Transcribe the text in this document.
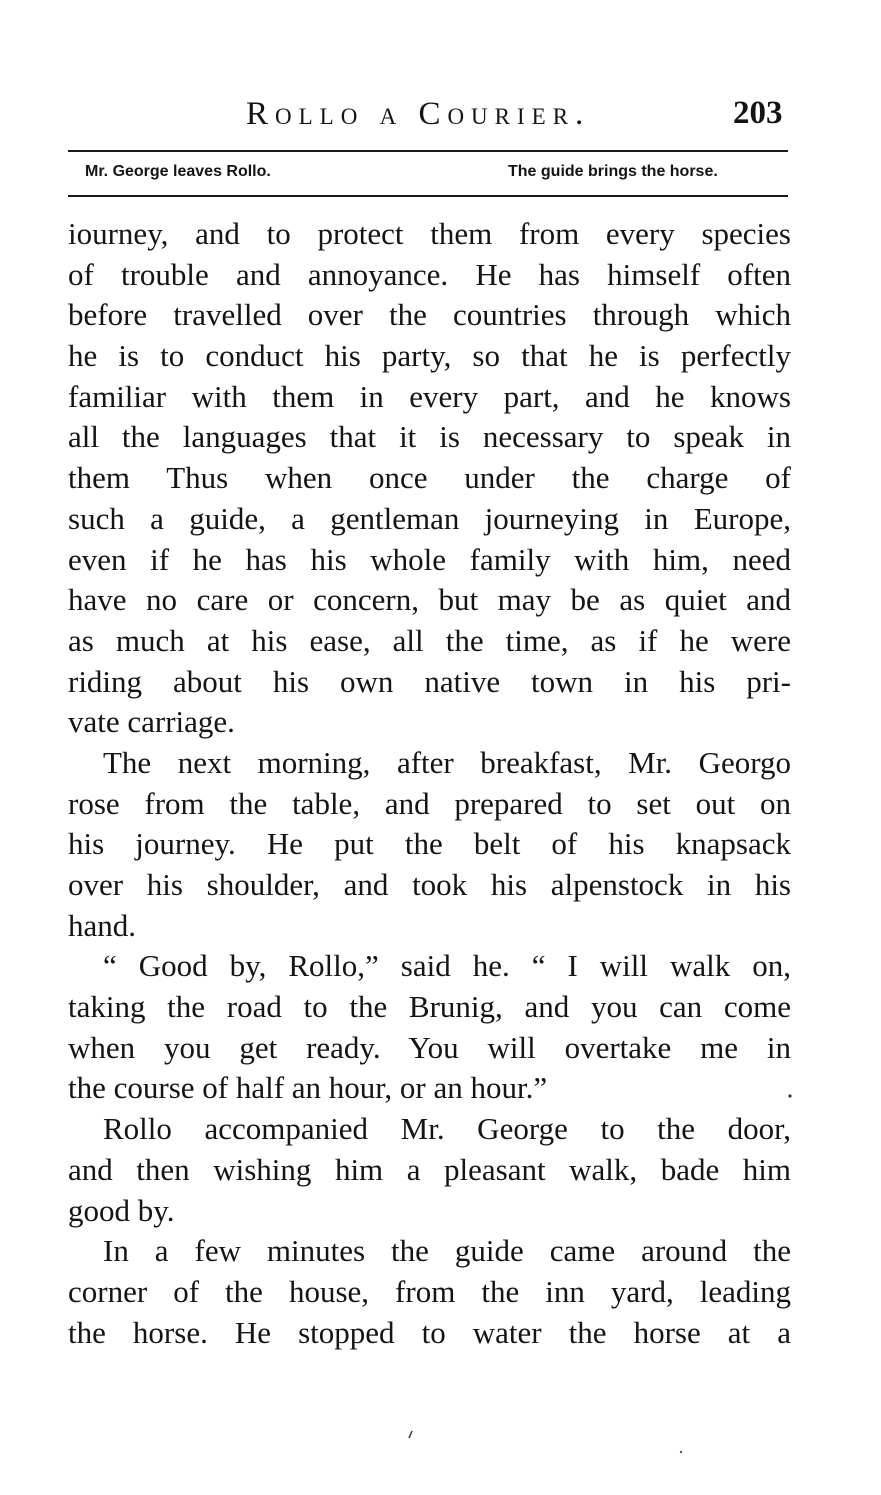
Rollo a Courier.	203
Mr. George leaves Rollo.	The guide brings the horse.
iourney, and to protect them from every species
of trouble and annoyance. He has himself often
before travelled over the countries through which
he is to conduct his party, so that he is perfectly
familiar with them in every part, and he knows
all the languages that it is necessary to speak in
them Thus when once under the charge of
such a guide, a gentleman journeying in Europe,
even if he has his whole family with him, need
have no care or concern, but may be as quiet and
as much at his ease, all the time, as if he were
riding about his own native town in his pri-
vate carriage.
The next morning, after breakfast, Mr. Georgo
rose from the table, and prepared to set out on
his journey. He put the belt of his knapsack
over his shoulder, and took his alpenstock in his
hand.
“ Good by, Rollo,” said he. “ I will walk on,
taking the road to the Brunig, and you can come
when you get ready. You will overtake me in
the course of half an hour, or an hour.”
Rollo accompanied Mr. George to the door,
and then wishing him a pleasant walk, bade him
good by.
In a few minutes the guide came around the
corner of the house, from the inn yard, leading
the horse. He stopped to water the horse at a
